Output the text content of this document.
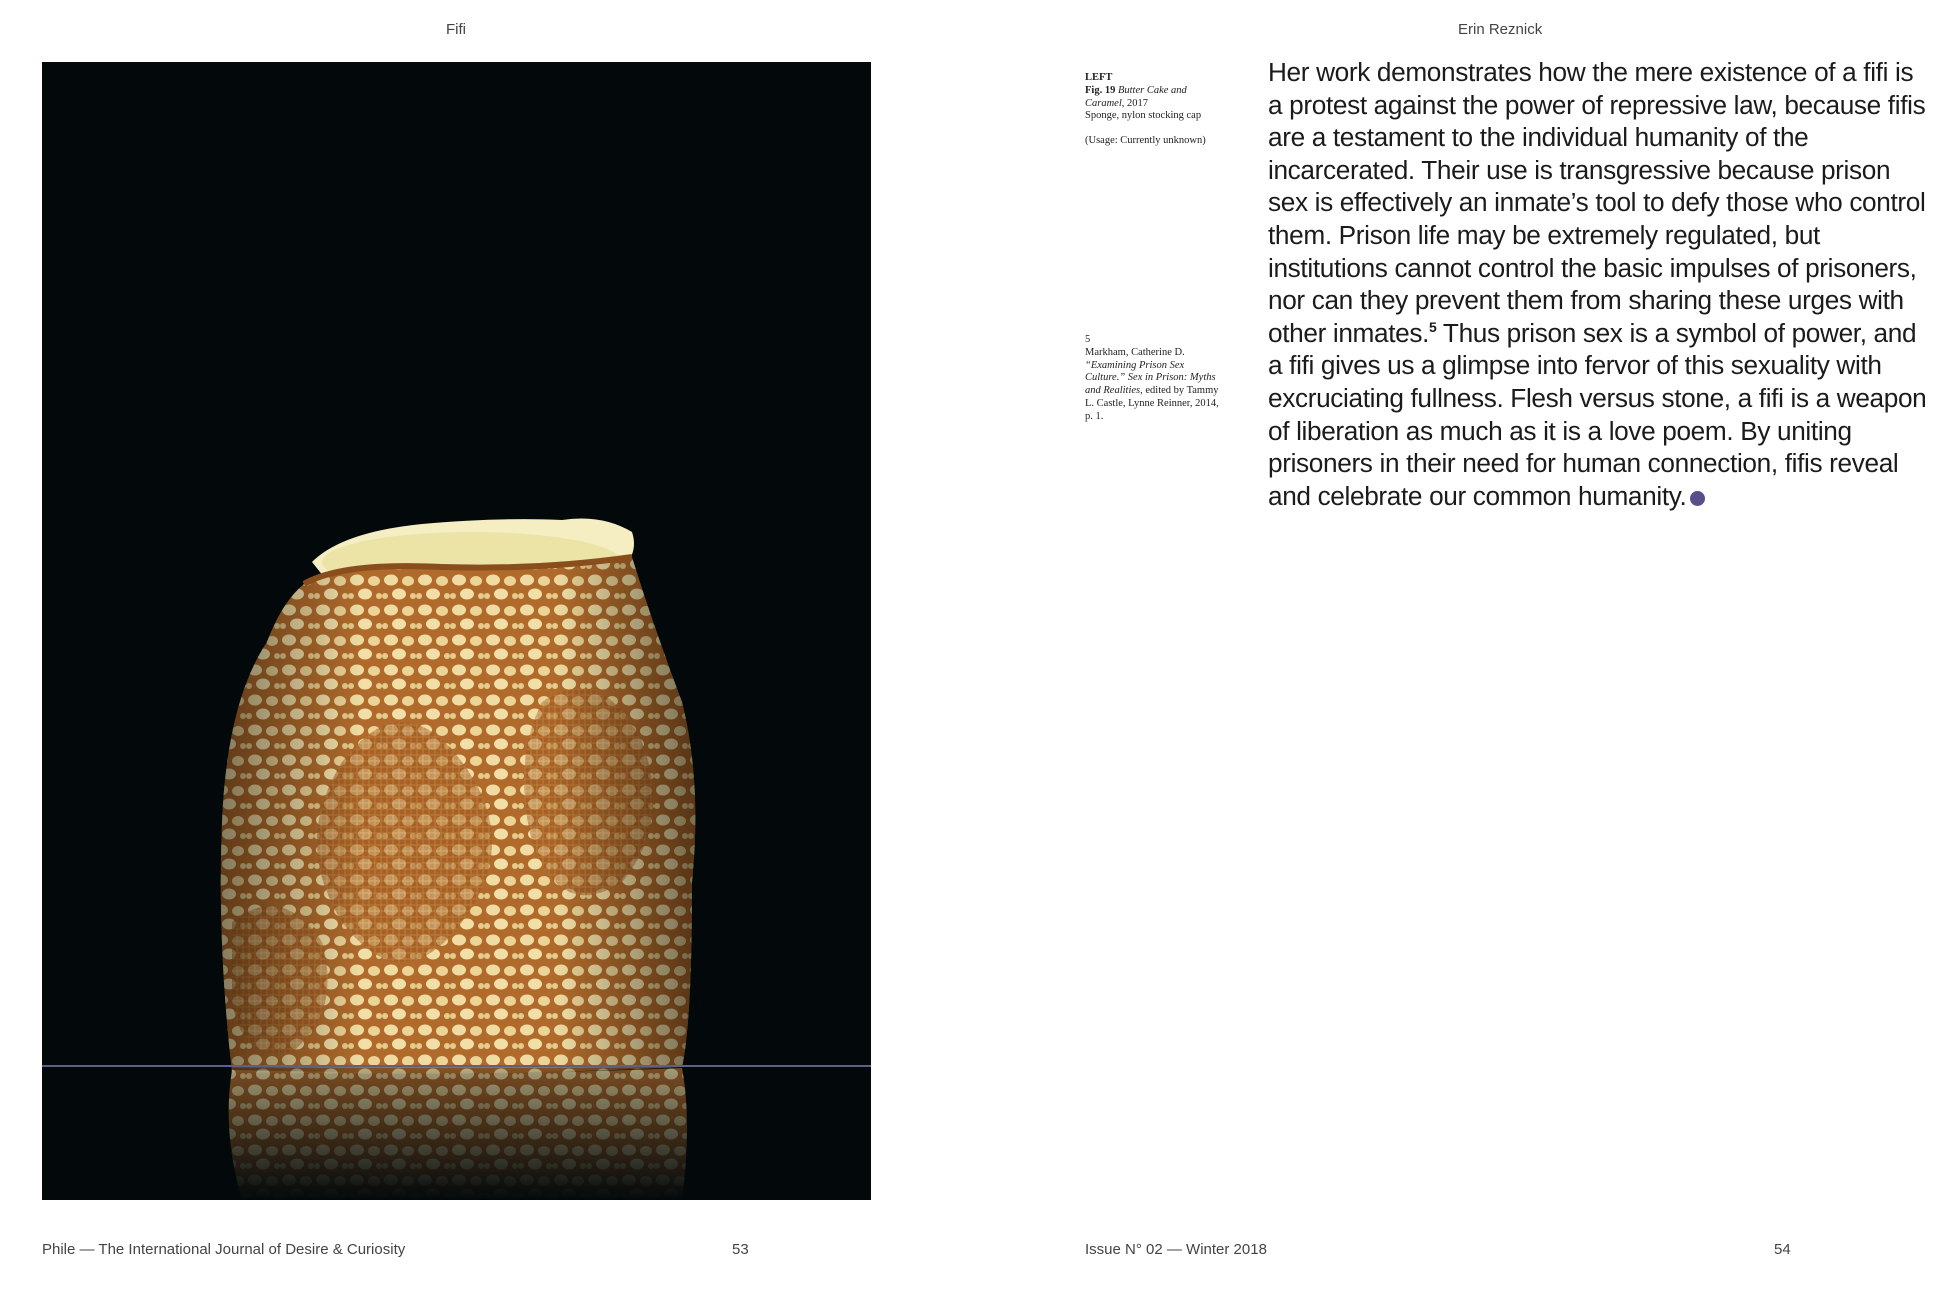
Fifi
Phile — The International Journal of Desire & Curiosity	53
Erin Reznick
LEFT
Fig. 19 Butter Cake and Caramel, 2017
Sponge, nylon stocking cap
(Usage: Currently unknown)
5
Markham, Catherine D. “Examining Prison Sex Culture.” Sex in Prison: Myths and Realities, edited by Tammy L. Castle, Lynne Reinner, 2014, p. 1.
Her work demonstrates how the mere existence of a fifi is a protest against the power of repressive law, because fifis are a testament to the individual humanity of the incarcerated. Their use is transgressive because prison sex is effectively an inmate’s tool to defy those who control them. Prison life may be extremely regulated, but institutions cannot control the basic impulses of prisoners, nor can they prevent them from sharing these urges with other inmates.$^5$ Thus prison sex is a symbol of power, and a fifi gives us a glimpse into fervor of this sexuality with excruciating fullness. Flesh versus stone, a fifi is a weapon of liberation as much as it is a love poem. By uniting prisoners in their need for human connection, fifis reveal and celebrate our common humanity.
Issue N° 02 — Winter 2018	54
